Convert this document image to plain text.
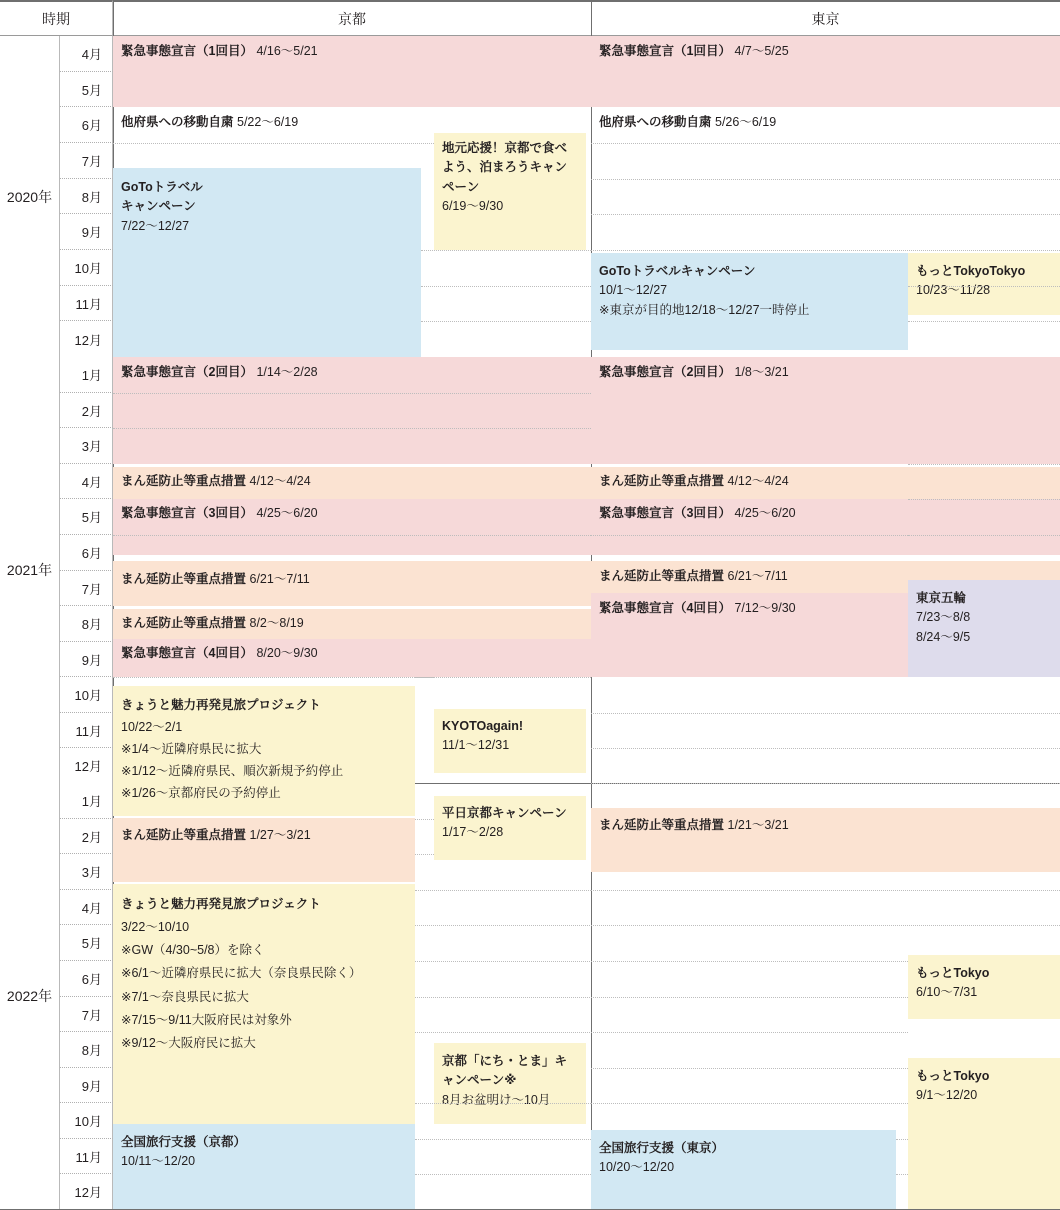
時期	京都	東京
2020年
2021年
2022年
4月
5月
6月
7月
8月
9月
10月
11月
12月
1月
2月
3月
4月
5月
6月
7月
8月
9月
10月
11月
12月
1月
2月
3月
4月
5月
6月
7月
8月
9月
10月
11月
12月
緊急事態宣言（1回目） 4/16〜5/21
他府県への移動自粛 5/22〜6/19
GoToトラベル
キャンペーン
7/22〜12/27
地元応援！京都で食べよう、泊まろうキャンペーン
6/19〜9/30
緊急事態宣言（2回目） 1/14〜2/28
まん延防止等重点措置 4/12〜4/24
緊急事態宣言（3回目） 4/25〜6/20
まん延防止等重点措置 6/21〜7/11
まん延防止等重点措置 8/2〜8/19
緊急事態宣言（4回目） 8/20〜9/30
きょうと魅力再発見旅プロジェクト
10/22〜2/1
※1/4〜近隣府県民に拡大
※1/12〜近隣府県民、順次新規予約停止
※1/26〜京都府民の予約停止
KYOTOagain!
11/1〜12/31
まん延防止等重点措置 1/27〜3/21
平日京都キャンペーン
1/17〜2/28
きょうと魅力再発見旅プロジェクト
3/22〜10/10
※GW（4/30~5/8）を除く
※6/1〜近隣府県民に拡大（奈良県民除く）
※7/1〜奈良県民に拡大
※7/15〜9/11大阪府民は対象外
※9/12〜大阪府民に拡大
京都「にち・とま」キャンペーン※
8月お盆明け〜10月
全国旅行支援（京都）
10/11〜12/20
緊急事態宣言（1回目） 4/7〜5/25
他府県への移動自粛 5/26〜6/19
GoToトラベルキャンペーン
10/1〜12/27
※東京が目的地12/18〜12/27一時停止
もっとTokyoTokyo
10/23〜11/28
緊急事態宣言（2回目） 1/8〜3/21
まん延防止等重点措置 4/12〜4/24
緊急事態宣言（3回目） 4/25〜6/20
まん延防止等重点措置 6/21〜7/11
緊急事態宣言（4回目） 7/12〜9/30
東京五輪
7/23〜8/8
8/24〜9/5
まん延防止等重点措置 1/21〜3/21
もっとTokyo
6/10〜7/31
もっとTokyo
9/1〜12/20
全国旅行支援（東京）
10/20〜12/20
